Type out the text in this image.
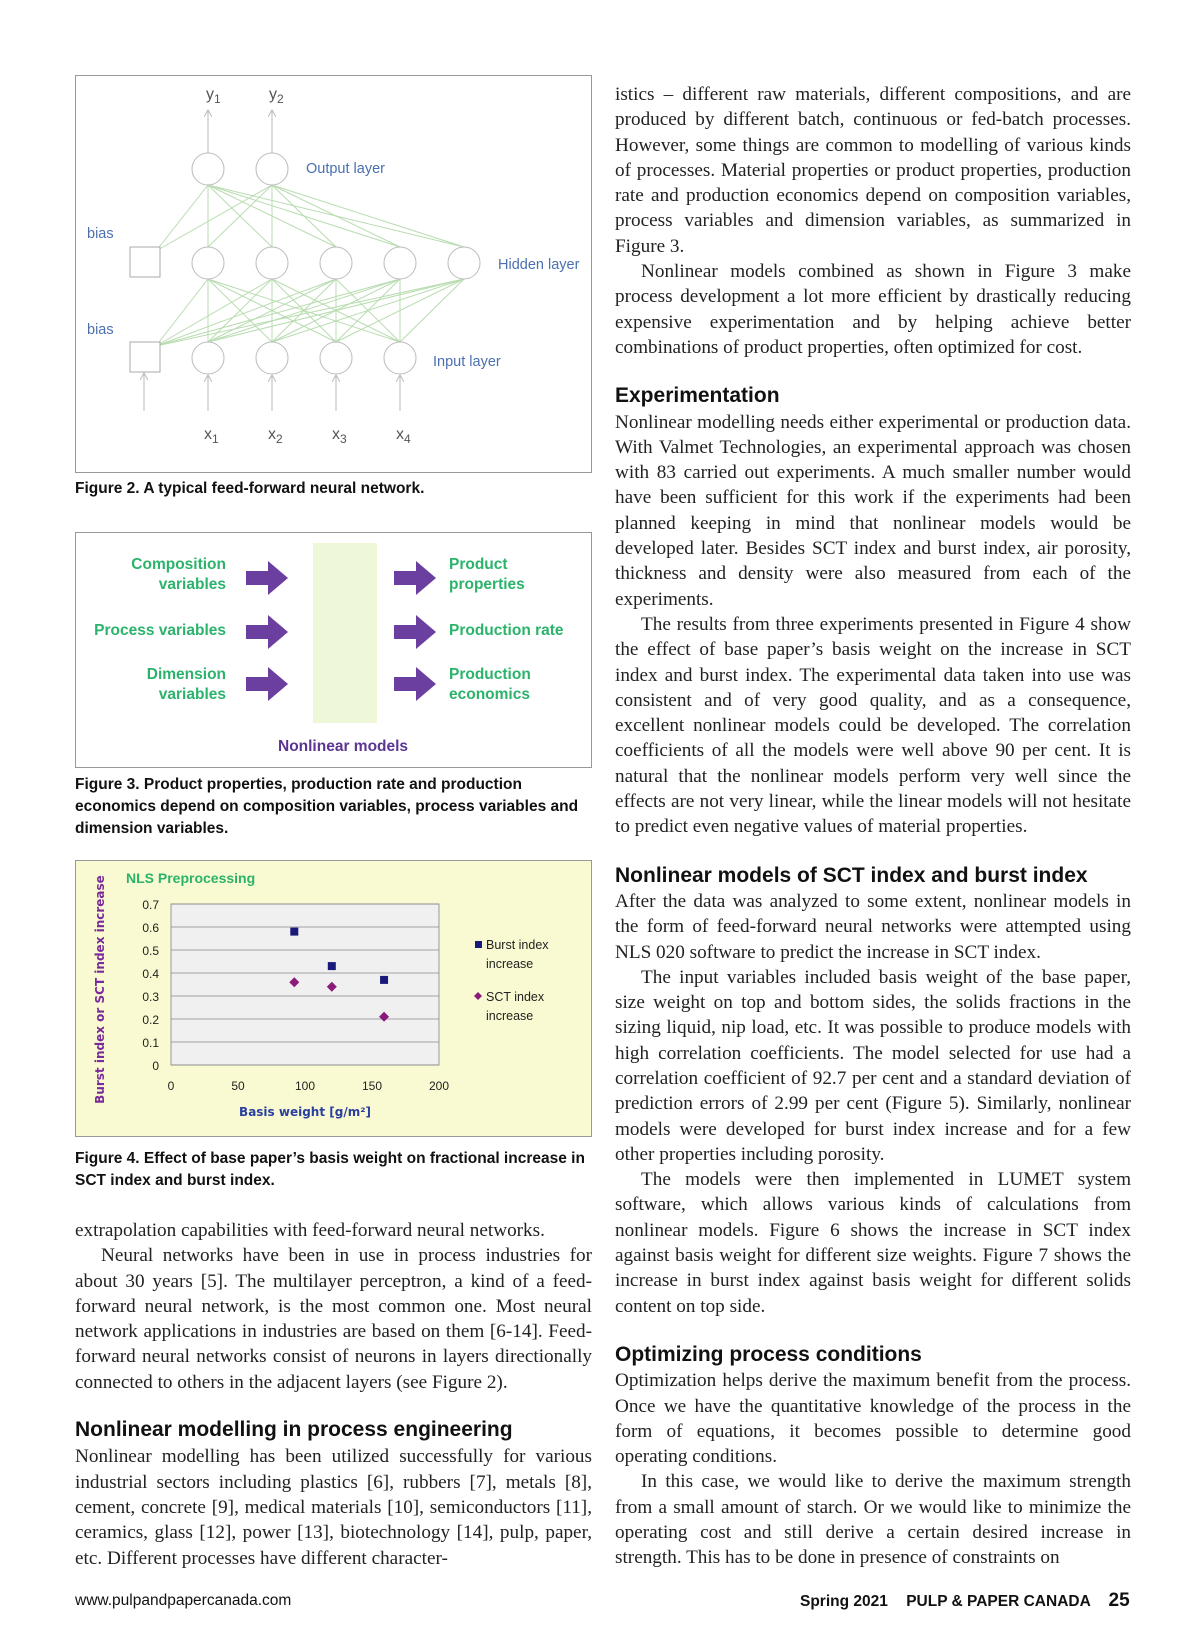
$y_1$	$y_2$
Output layer
Hidden layer
Input layer
bias
bias
$x_1$	$x_2$	$x_3$	$x_4$
Figure 2. A typical feed-forward neural network.
Composition variables
Process variables
Dimension variables
Product properties
Production rate
Production economics
Nonlinear models
Figure 3. Product properties, production rate and production economics depend on composition variables, process variables and dimension variables.
0
0.1
0.2
0.3
0.4
0.5
0.6
0.7
0	50	100	150	200
NLS Preprocessing
Basis weight [g/m²]
Burst index or SCT index increase	Burst index
increase
SCT index
increase
Figure 4. Effect of base paper’s basis weight on fractional increase in SCT index and burst index.

extrapolation capabilities with feed-forward neural networks.

Neural networks have been in use in process industries for about 30 years [5]. The multilayer perceptron, a kind of a feed-forward neural network, is the most common one. Most neural network applications in industries are based on them [6-14]. Feed-forward neural networks consist of neurons in layers directionally connected to others in the adjacent layers (see Figure 2).

Nonlinear modelling in process engineering

Nonlinear modelling has been utilized successfully for various industrial sectors including plastics [6], rubbers [7], metals [8], cement, concrete [9], medical materials [10], semiconductors [11], ceramics, glass [12], power [13], biotechnology [14], pulp, paper, etc. Different processes have different character-

istics – different raw materials, different compositions, and are produced by different batch, continuous or fed-batch processes. However, some things are common to modelling of various kinds of processes. Material properties or product properties, production rate and production economics depend on composition variables, process variables and dimension variables, as summarized in Figure 3.

Nonlinear models combined as shown in Figure 3 make process development a lot more efficient by drastically reducing expensive experimentation and by helping achieve better combinations of product properties, often optimized for cost.

Experimentation

Nonlinear modelling needs either experimental or production data. With Valmet Technologies, an experimental approach was chosen with 83 carried out experiments. A much smaller number would have been sufficient for this work if the experiments had been planned keeping in mind that nonlinear models would be developed later. Besides SCT index and burst index, air porosity, thickness and density were also measured from each of the experiments.

The results from three experiments presented in Figure 4 show the effect of base paper’s basis weight on the increase in SCT index and burst index. The experimental data taken into use was consistent and of very good quality, and as a consequence, excellent nonlinear models could be developed. The correlation coefficients of all the models were well above 90 per cent. It is natural that the nonlinear models perform very well since the effects are not very linear, while the linear models will not hesitate to predict even negative values of material properties.

Nonlinear models of SCT index and burst index

After the data was analyzed to some extent, nonlinear models in the form of feed-forward neural networks were attempted using NLS 020 software to predict the increase in SCT index.

The input variables included basis weight of the base paper, size weight on top and bottom sides, the solids fractions in the sizing liquid, nip load, etc. It was possible to produce models with high correlation coefficients. The model selected for use had a correlation coefficient of 92.7 per cent and a standard deviation of prediction errors of 2.99 per cent (Figure 5). Similarly, nonlinear models were developed for burst index increase and for a few other properties including porosity.

The models were then implemented in LUMET system software, which allows various kinds of calculations from nonlinear models. Figure 6 shows the increase in SCT index against basis weight for different size weights. Figure 7 shows the increase in burst index against basis weight for different solids content on top side.

Optimizing process conditions

Optimization helps derive the maximum benefit from the process. Once we have the quantitative knowledge of the process in the form of equations, it becomes possible to determine good operating conditions.

In this case, we would like to derive the maximum strength from a small amount of starch. Or we would like to minimize the operating cost and still derive a certain desired increase in strength. This has to be done in presence of constraints on

www.pulpandpapercanada.com	Spring 2021 PULP & PAPER CANADA 25
